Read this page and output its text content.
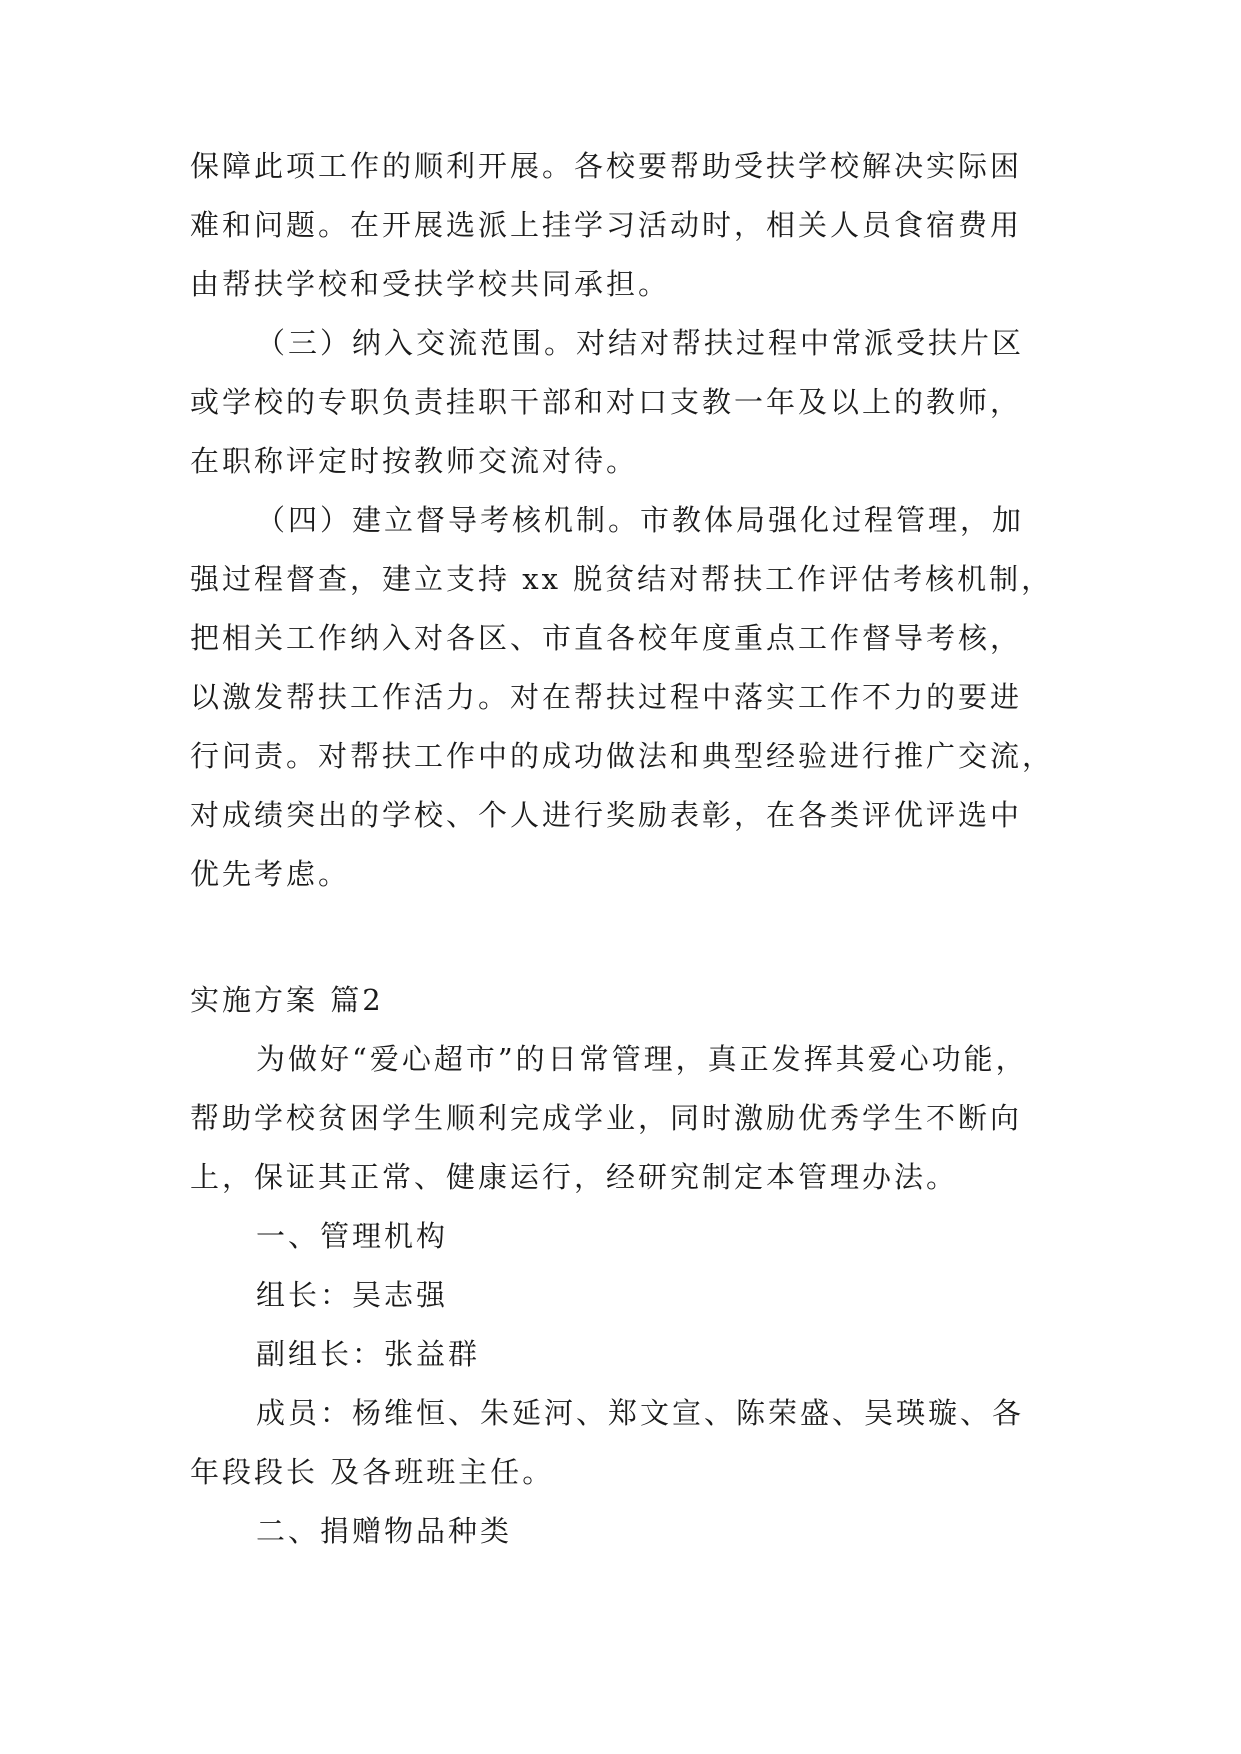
保障此项工作的顺利开展。各校要帮助受扶学校解决实际困
难和问题。在开展选派上挂学习活动时，相关人员食宿费用
由帮扶学校和受扶学校共同承担。
（三）纳入交流范围。对结对帮扶过程中常派受扶片区
或学校的专职负责挂职干部和对口支教一年及以上的教师，
在职称评定时按教师交流对待。
（四）建立督导考核机制。市教体局强化过程管理，加
强过程督查，建立支持 xx 脱贫结对帮扶工作评估考核机制，
把相关工作纳入对各区、市直各校年度重点工作督导考核，
以激发帮扶工作活力。对在帮扶过程中落实工作不力的要进
行问责。对帮扶工作中的成功做法和典型经验进行推广交流，
对成绩突出的学校、个人进行奖励表彰，在各类评优评选中
优先考虑。
实施方案 篇2
为做好“爱心超市”的日常管理，真正发挥其爱心功能，
帮助学校贫困学生顺利完成学业，同时激励优秀学生不断向
上，保证其正常、健康运行，经研究制定本管理办法。
一、管理机构
组长：吴志强
副组长：张益群
成员：杨维恒、朱延河、郑文宣、陈荣盛、吴瑛璇、各
年段段长 及各班班主任。
二、捐赠物品种类
